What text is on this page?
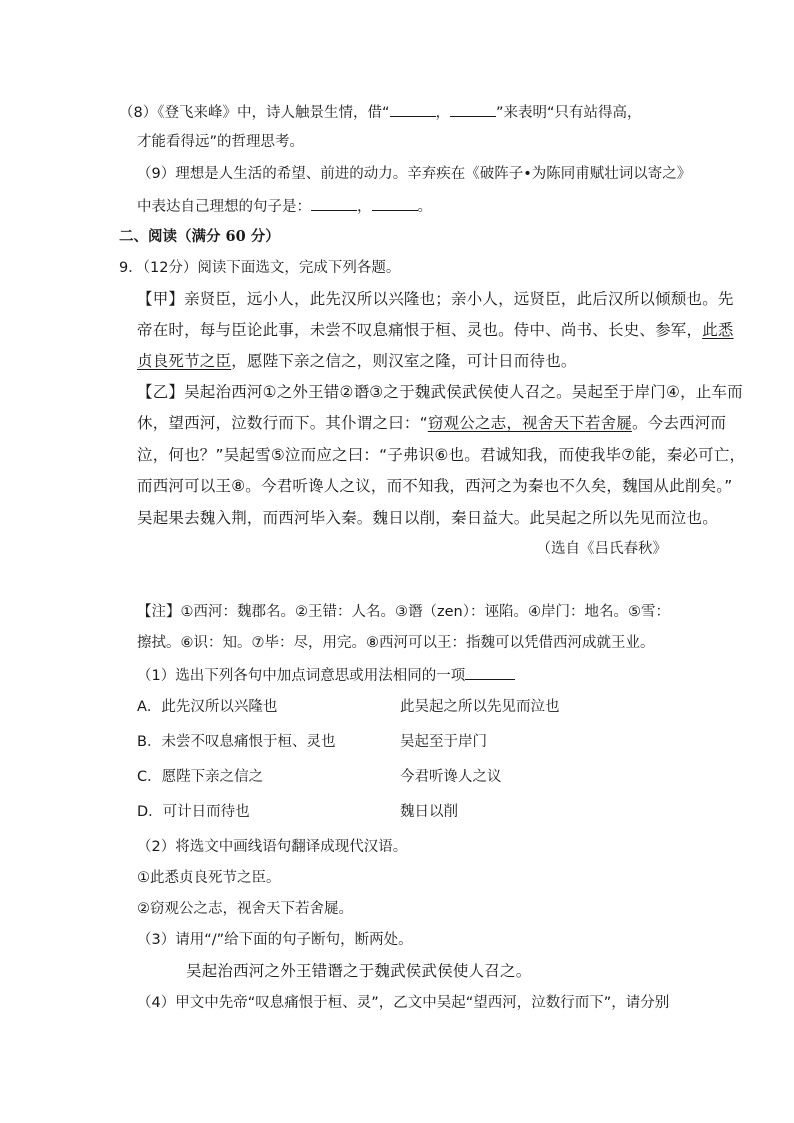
（8）《登飞来峰》中，诗人触景生情，借“	，	”来表明“只有站得高，
才能看得远”的哲理思考。
（9）理想是人生活的希望、前进的动力。辛弃疾在《破阵子•为陈同甫赋壮词以寄之》
中表达自己理想的句子是：	，	。
二、阅读（满分 60 分）
9．（12分）阅读下面选文，完成下列各题。
【甲】亲贤臣，远小人，此先汉所以兴隆也；亲小人，远贤臣，此后汉所以倾颓也。先
帝在时，每与臣论此事，未尝不叹息痛恨于桓、灵也。侍中、尚书、长史、参军，此悉
贞良死节之臣，愿陛下亲之信之，则汉室之隆，可计日而待也。
【乙】吴起治西河①之外王错②谮③之于魏武侯武侯使人召之。吴起至于岸门④，止车而
休，望西河，泣数行而下。其仆谓之曰：“窃观公之志，视舍天下若舍屣。今去西河而
泣，何也？”吴起雪⑤泣而应之曰：“子弗识⑥也。君诚知我，而使我毕⑦能，秦必可亡，
而西河可以王⑧。今君听谗人之议，而不知我，西河之为秦也不久矣，魏国从此削矣。”
吴起果去魏入荆，而西河毕入秦。魏日以削，秦日益大。此吴起之所以先见而泣也。
（选自《吕氏春秋》
【注】①西河：魏郡名。②王错：人名。③谮（zen）：诬陷。④岸门：地名。⑤雪：
擦拭。⑥识：知。⑦毕：尽，用完。⑧西河可以王：指魏可以凭借西河成就王业。
（1）选出下列各句中加点词意思或用法相同的一项
A．此先汉所以兴隆也	此吴起之所以先见而泣也
B．未尝不叹息痛恨于桓、灵也	吴起至于岸门
C．愿陛下亲之信之	今君听谗人之议
D．可计日而待也	魏日以削
（2）将选文中画线语句翻译成现代汉语。
①此悉贞良死节之臣。
②窃观公之志，视舍天下若舍屣。
（3）请用“/”给下面的句子断句，断两处。
吴起治西河之外王错谮之于魏武侯武侯使人召之。
（4）甲文中先帝“叹息痛恨于桓、灵”，乙文中吴起“望西河，泣数行而下”，请分别
